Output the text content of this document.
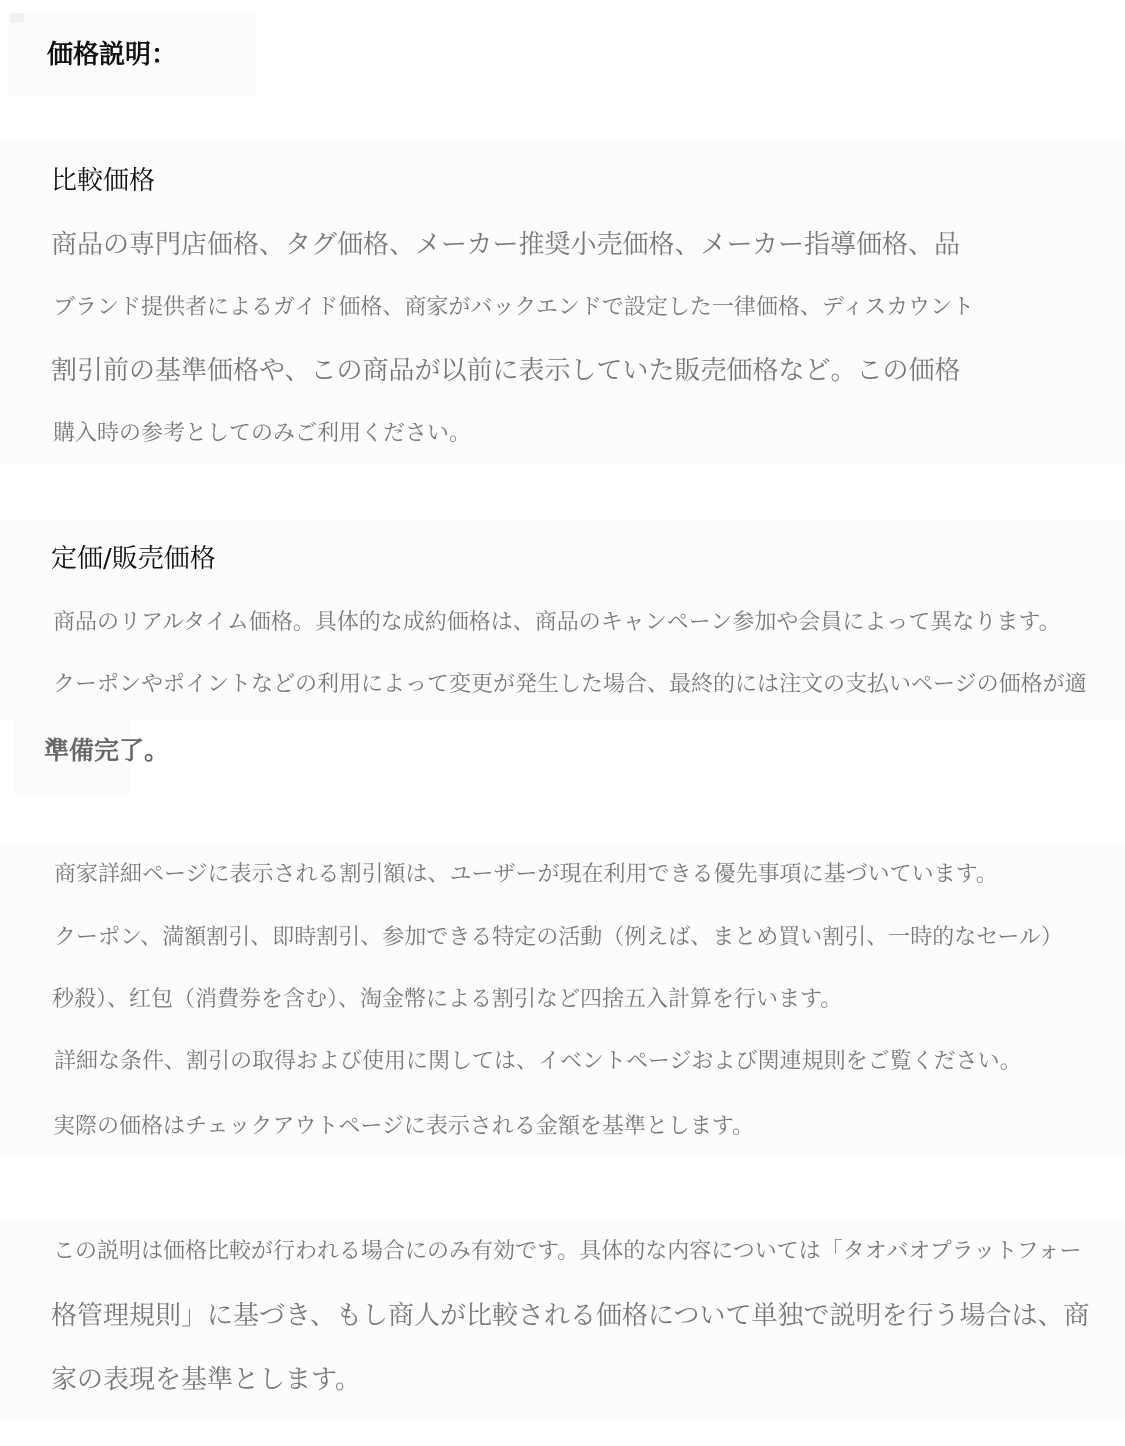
価格説明：

比較価格

商品の専門店価格、タグ価格、メーカー推奨小売価格、メーカー指導価格、品

ブランド提供者によるガイド価格、商家がバックエンドで設定した一律価格、ディスカウント

割引前の基準価格や、この商品が以前に表示していた販売価格など。この価格

購入時の参考としてのみご利用ください。

定価/販売価格

商品のリアルタイム価格。具体的な成約価格は、商品のキャンペーン参加や会員によって異なります。

クーポンやポイントなどの利用によって変更が発生した場合、最終的には注文の支払いページの価格が適

準備完了。

商家詳細ページに表示される割引額は、ユーザーが現在利用できる優先事項に基づいています。

クーポン、満額割引、即時割引、参加できる特定の活動（例えば、まとめ買い割引、一時的なセール）

秒殺）、红包（消費券を含む）、淘金幣による割引など四捨五入計算を行います。

詳細な条件、割引の取得および使用に関しては、イベントページおよび関連規則をご覧ください。

実際の価格はチェックアウトページに表示される金額を基準とします。

この説明は価格比較が行われる場合にのみ有効です。具体的な内容については「タオバオプラットフォー

格管理規則」に基づき、もし商人が比較される価格について単独で説明を行う場合は、商

家の表現を基準とします。
